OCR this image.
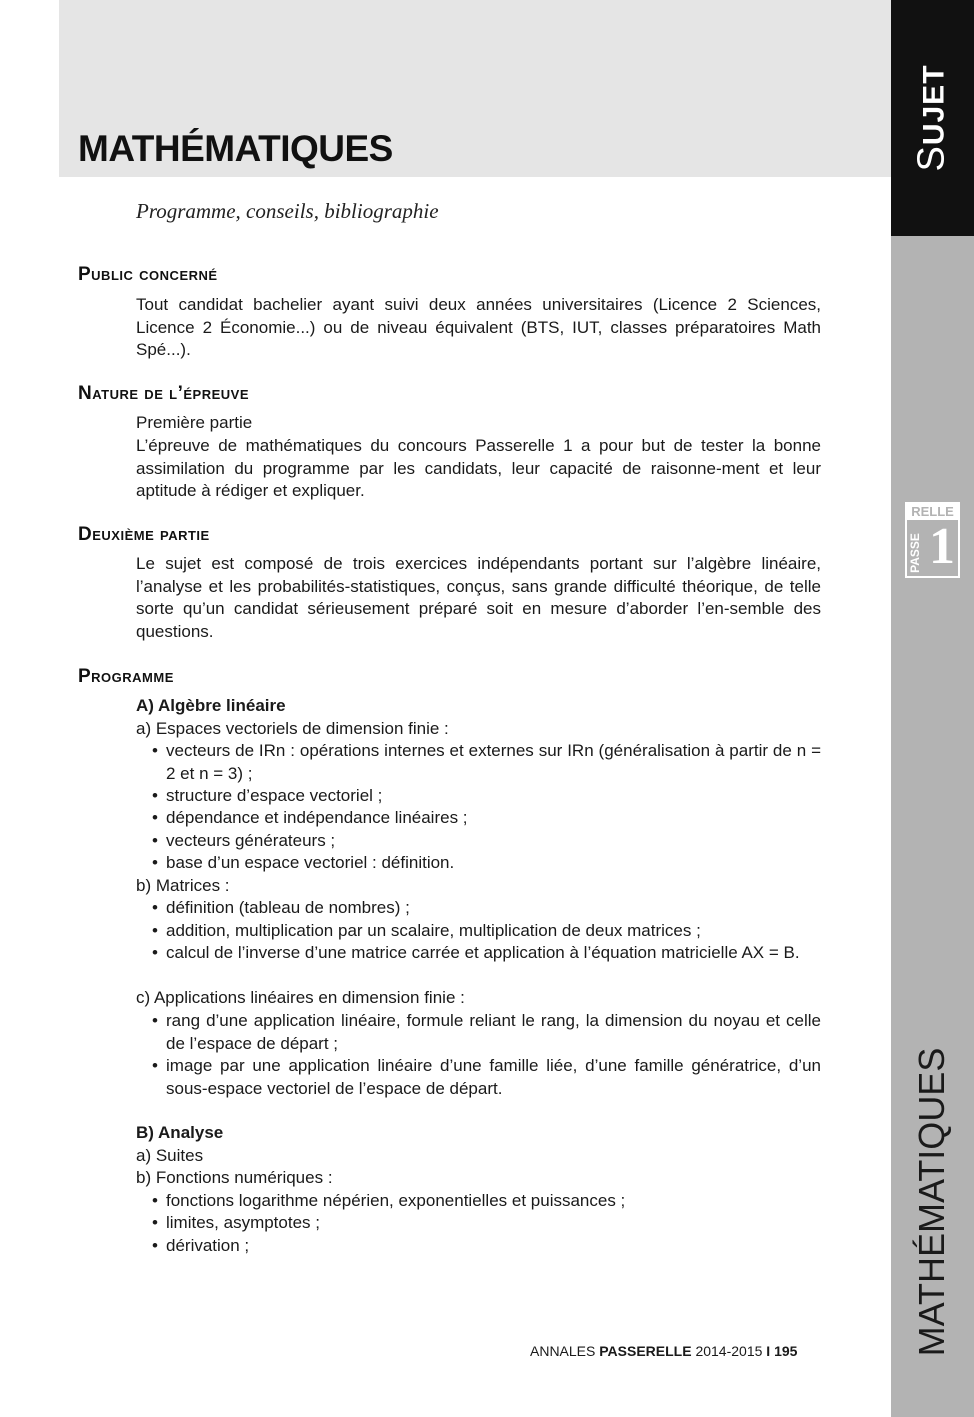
MATHÉMATIQUES
Programme, conseils, bibliographie
SUJET
RELLE
PASSE 1
MATHÉMATIQUES
Public concerné
Tout candidat bachelier ayant suivi deux années universitaires (Licence 2 Sciences, Licence 2 Économie...) ou de niveau équivalent (BTS, IUT, classes préparatoires Math Spé...).
Nature de l’épreuve
Première partie
L’épreuve de mathématiques du concours Passerelle 1 a pour but de tester la bonne assimilation du programme par les candidats, leur capacité de raisonne-ment et leur aptitude à rédiger et expliquer.
Deuxième partie
Le sujet est composé de trois exercices indépendants portant sur l’algèbre linéaire, l’analyse et les probabilités-statistiques, conçus, sans grande difficulté théorique, de telle sorte qu’un candidat sérieusement préparé soit en mesure d’aborder l’en-semble des questions.
Programme
A) Algèbre linéaire
a) Espaces vectoriels de dimension finie :
• vecteurs de IRn : opérations internes et externes sur IRn (généralisation à partir de n = 2 et n = 3) ;
• structure d’espace vectoriel ;
• dépendance et indépendance linéaires ;
• vecteurs générateurs ;
• base d’un espace vectoriel : définition.
b) Matrices :
• définition (tableau de nombres) ;
• addition, multiplication par un scalaire, multiplication de deux matrices ;
• calcul de l’inverse d’une matrice carrée et application à l’équation matricielle AX = B.
c) Applications linéaires en dimension finie :
• rang d’une application linéaire, formule reliant le rang, la dimension du noyau et celle de l’espace de départ ;
• image par une application linéaire d’une famille liée, d’une famille génératrice, d’un sous-espace vectoriel de l’espace de départ.
B) Analyse
a) Suites
b) Fonctions numériques :
• fonctions logarithme népérien, exponentielles et puissances ;
• limites, asymptotes ;
• dérivation ;
ANNALES PASSERELLE 2014-2015 I 195
